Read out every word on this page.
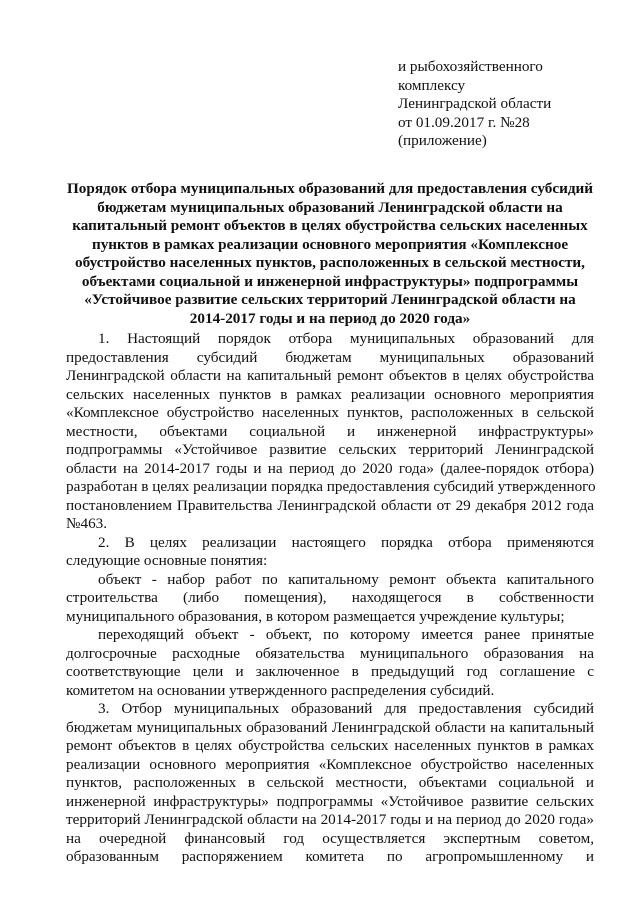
и рыбохозяйственного
комплексу
Ленинградской области
от 01.09.2017 г. №28
(приложение)
Порядок отбора муниципальных образований для предоставления субсидий
бюджетам муниципальных образований Ленинградской области на
капитальный ремонт объектов в целях обустройства сельских населенных
пунктов в рамках реализации основного мероприятия «Комплексное
обустройство населенных пунктов, расположенных в сельской местности,
объектами социальной и инженерной инфраструктуры» подпрограммы
«Устойчивое развитие сельских территорий Ленинградской области на
2014-2017 годы и на период до 2020 года»
1. Настоящий порядок отбора муниципальных образований для
предоставления субсидий бюджетам муниципальных образований
Ленинградской области на капитальный ремонт объектов в целях обустройства
сельских населенных пунктов в рамках реализации основного мероприятия
«Комплексное обустройство населенных пунктов, расположенных в сельской
местности, объектами социальной и инженерной инфраструктуры»
подпрограммы «Устойчивое развитие сельских территорий Ленинградской
области на 2014-2017 годы и на период до 2020 года» (далее-порядок отбора)
разработан в целях реализации порядка предоставления субсидий утвержденного
постановлением Правительства Ленинградской области от 29 декабря 2012 года
№463.
2. В целях реализации настоящего порядка отбора применяются
следующие основные понятия:
объект - набор работ по капитальному ремонт объекта капитального
строительства (либо помещения), находящегося в собственности
муниципального образования, в котором размещается учреждение культуры;
переходящий объект - объект, по которому имеется ранее принятые
долгосрочные расходные обязательства муниципального образования на
соответствующие цели и заключенное в предыдущий год соглашение с
комитетом на основании утвержденного распределения субсидий.
3. Отбор муниципальных образований для предоставления субсидий
бюджетам муниципальных образований Ленинградской области на капитальный
ремонт объектов в целях обустройства сельских населенных пунктов в рамках
реализации основного мероприятия «Комплексное обустройство населенных
пунктов, расположенных в сельской местности, объектами социальной и
инженерной инфраструктуры» подпрограммы «Устойчивое развитие сельских
территорий Ленинградской области на 2014-2017 годы и на период до 2020 года»
на очередной финансовый год осуществляется экспертным советом,
образованным распоряжением комитета по агропромышленному и
